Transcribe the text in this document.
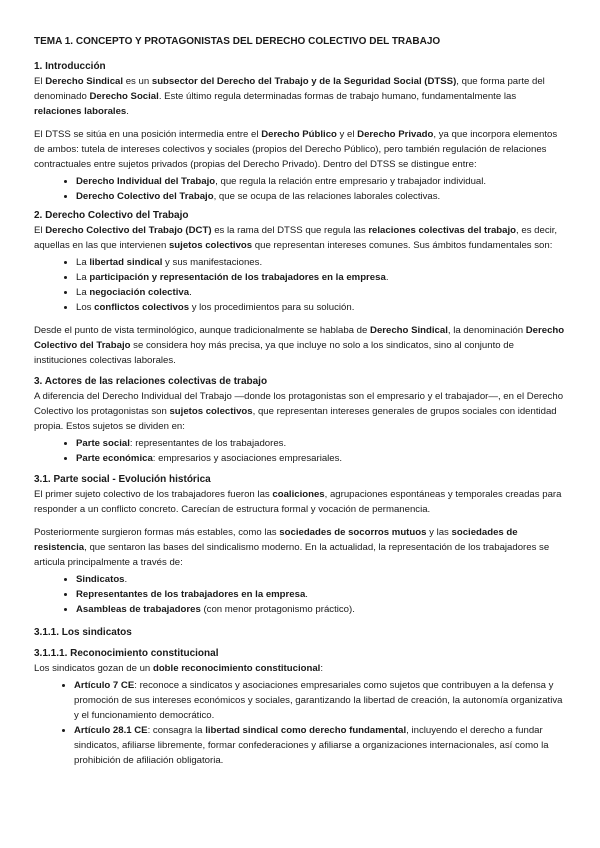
TEMA 1. CONCEPTO Y PROTAGONISTAS DEL DERECHO COLECTIVO DEL TRABAJO
1. Introducción

El Derecho Sindical es un subsector del Derecho del Trabajo y de la Seguridad Social (DTSS), que forma parte del denominado Derecho Social. Este último regula determinadas formas de trabajo humano, fundamentalmente las relaciones laborales.

El DTSS se sitúa en una posición intermedia entre el Derecho Público y el Derecho Privado, ya que incorpora elementos de ambos: tutela de intereses colectivos y sociales (propios del Derecho Público), pero también regulación de relaciones contractuales entre sujetos privados (propias del Derecho Privado). Dentro del DTSS se distingue entre:

• Derecho Individual del Trabajo, que regula la relación entre empresario y trabajador individual.
• Derecho Colectivo del Trabajo, que se ocupa de las relaciones laborales colectivas.
2. Derecho Colectivo del Trabajo

El Derecho Colectivo del Trabajo (DCT) es la rama del DTSS que regula las relaciones colectivas del trabajo, es decir, aquellas en las que intervienen sujetos colectivos que representan intereses comunes. Sus ámbitos fundamentales son:

• La libertad sindical y sus manifestaciones.
• La participación y representación de los trabajadores en la empresa.
• La negociación colectiva.
• Los conflictos colectivos y los procedimientos para su solución.

Desde el punto de vista terminológico, aunque tradicionalmente se hablaba de Derecho Sindical, la denominación Derecho Colectivo del Trabajo se considera hoy más precisa, ya que incluye no solo a los sindicatos, sino al conjunto de instituciones colectivas laborales.

3. Actores de las relaciones colectivas de trabajo

A diferencia del Derecho Individual del Trabajo —donde los protagonistas son el empresario y el trabajador—, en el Derecho Colectivo los protagonistas son sujetos colectivos, que representan intereses generales de grupos sociales con identidad propia. Estos sujetos se dividen en:

• Parte social: representantes de los trabajadores.
• Parte económica: empresarios y asociaciones empresariales.
3.1. Parte social - Evolución histórica

El primer sujeto colectivo de los trabajadores fueron las coaliciones, agrupaciones espontáneas y temporales creadas para responder a un conflicto concreto. Carecían de estructura formal y vocación de permanencia.

Posteriormente surgieron formas más estables, como las sociedades de socorros mutuos y las sociedades de resistencia, que sentaron las bases del sindicalismo moderno. En la actualidad, la representación de los trabajadores se articula principalmente a través de:

• Sindicatos.
• Representantes de los trabajadores en la empresa.
• Asambleas de trabajadores (con menor protagonismo práctico).
3.1.1. Los sindicatos
3.1.1.1. Reconocimiento constitucional

Los sindicatos gozan de un doble reconocimiento constitucional:

• Artículo 7 CE: reconoce a sindicatos y asociaciones empresariales como sujetos que contribuyen a la defensa y promoción de sus intereses económicos y sociales, garantizando la libertad de creación, la autonomía organizativa y el funcionamiento democrático.
• Artículo 28.1 CE: consagra la libertad sindical como derecho fundamental, incluyendo el derecho a fundar sindicatos, afiliarse libremente, formar confederaciones y afiliarse a organizaciones internacionales, así como la prohibición de afiliación obligatoria.
